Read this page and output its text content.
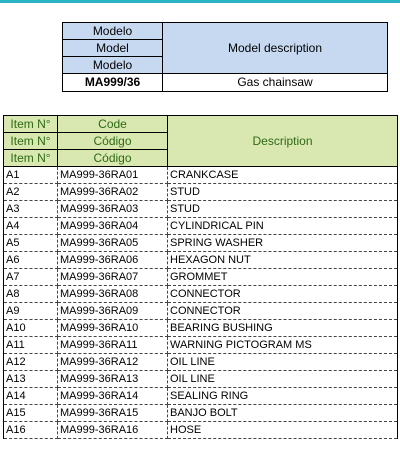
Modelo	Model description
Model	
Modelo	
MA999/36	Gas chainsaw
Item N°	Code	Description
Item N°	Código	
Item N°	Código	
A1	MA999-36RA01	CRANKCASE
A2	MA999-36RA02	STUD
A3	MA999-36RA03	STUD
A4	MA999-36RA04	CYLINDRICAL PIN
A5	MA999-36RA05	SPRING WASHER
A6	MA999-36RA06	HEXAGON NUT
A7	MA999-36RA07	GROMMET
A8	MA999-36RA08	CONNECTOR
A9	MA999-36RA09	CONNECTOR
A10	MA999-36RA10	BEARING BUSHING
A11	MA999-36RA11	WARNING PICTOGRAM MS
A12	MA999-36RA12	OIL LINE
A13	MA999-36RA13	OIL LINE
A14	MA999-36RA14	SEALING RING
A15	MA999-36RA15	BANJO BOLT
A16	MA999-36RA16	HOSE
